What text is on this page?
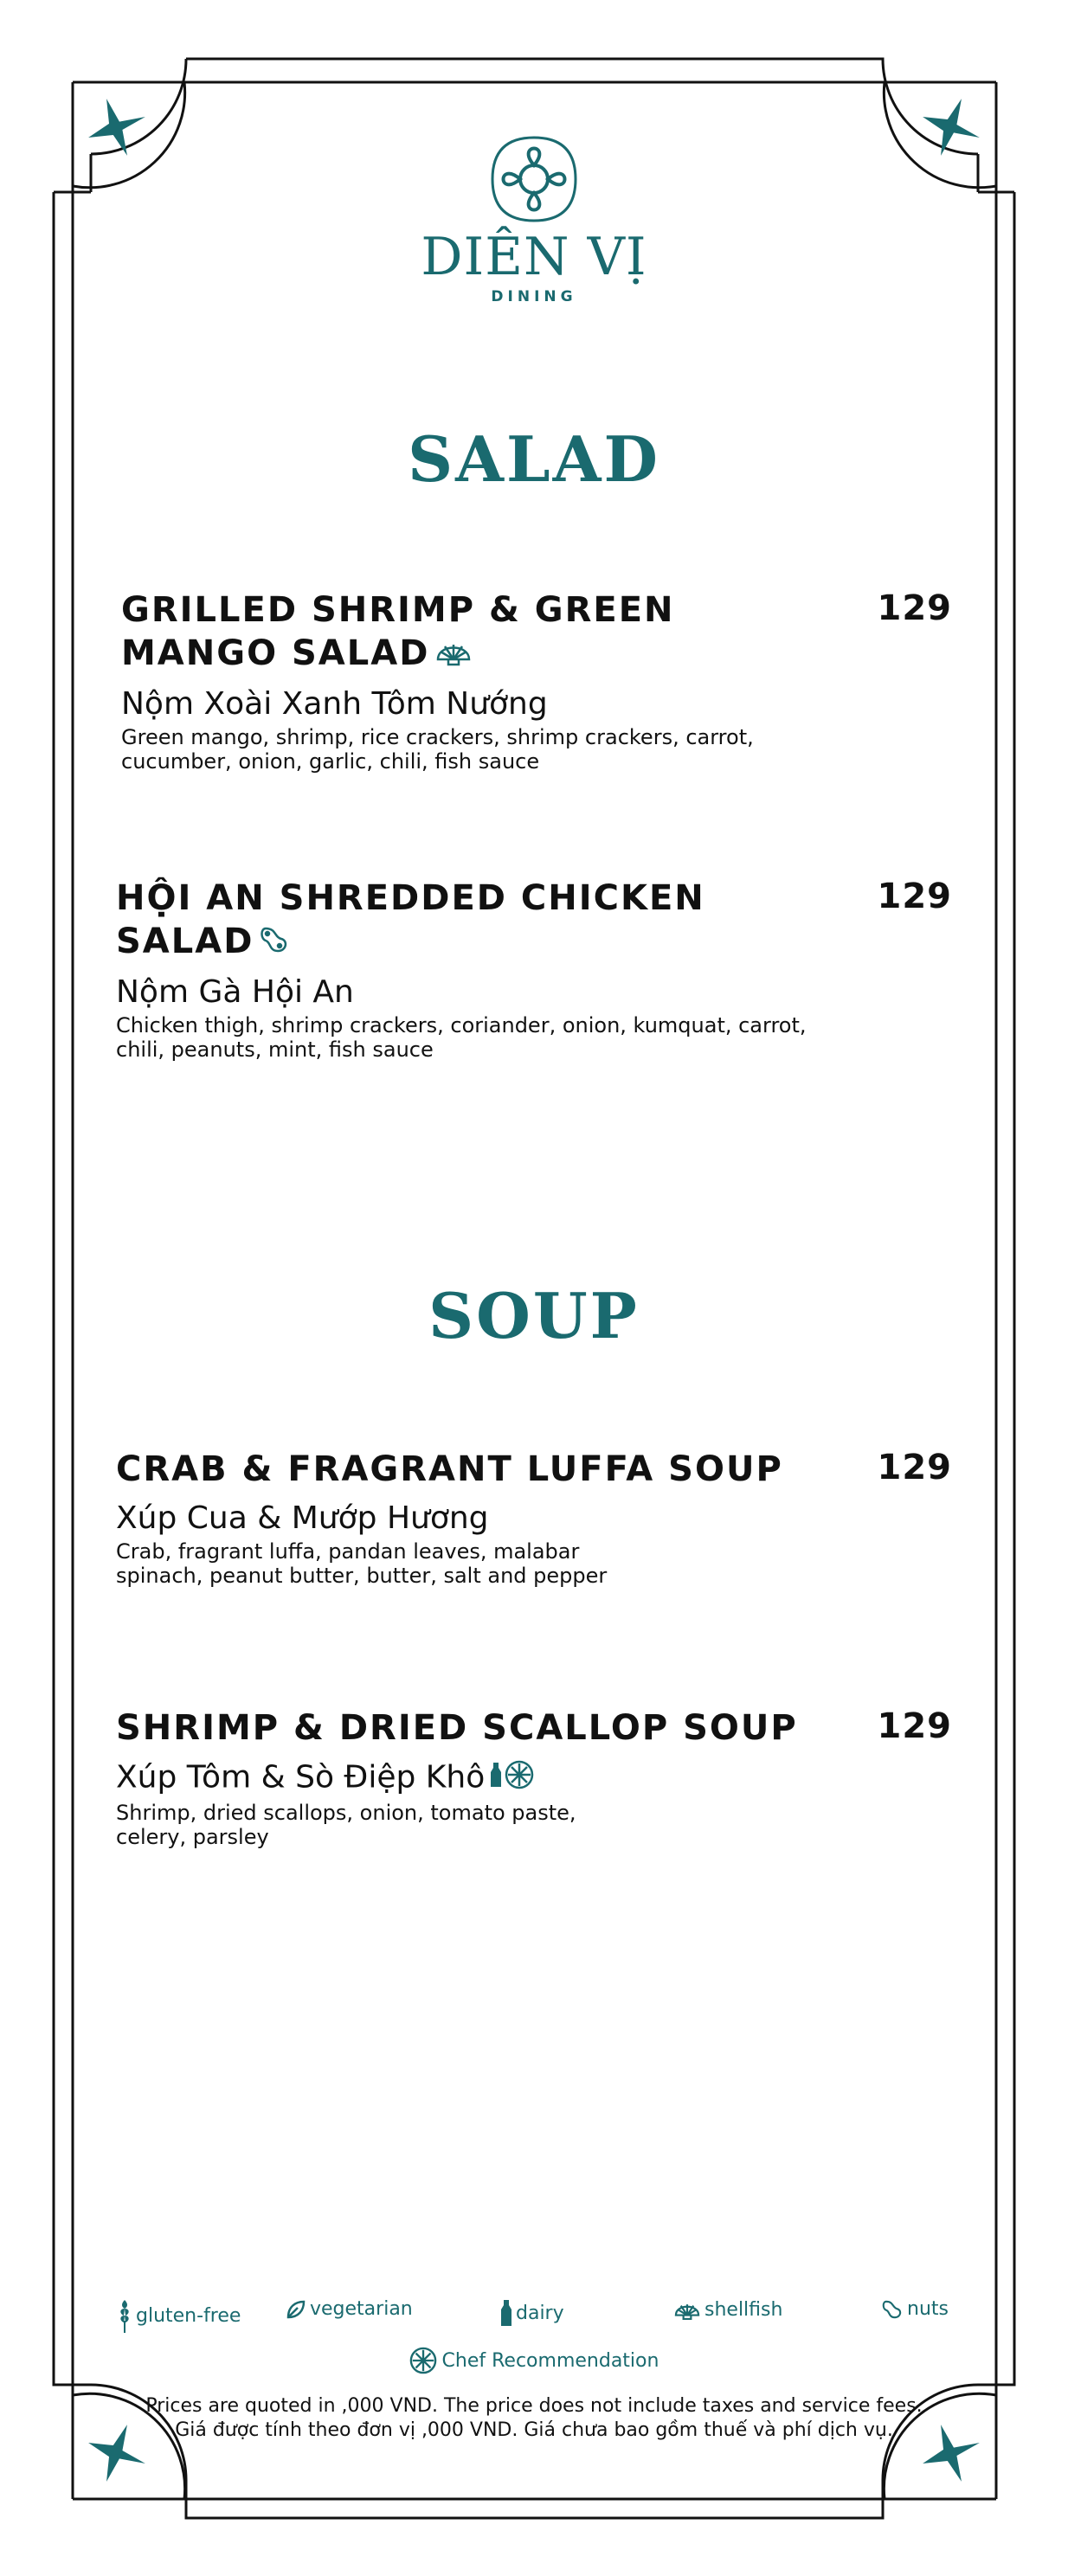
DIÊN VỊ
DINING
SALAD
GRILLED SHRIMP & GREEN MANGO SALAD
129
Nộm Xoài Xanh Tôm Nướng
Green mango, shrimp, rice crackers, shrimp crackers, carrot, cucumber, onion, garlic, chili, fish sauce
HỘI AN SHREDDED CHICKEN SALAD
129
Nộm Gà Hội An
Chicken thigh, shrimp crackers, coriander, onion, kumquat, carrot, chili, peanuts, mint, fish sauce
SOUP
CRAB & FRAGRANT LUFFA SOUP	129
Xúp Cua & Mướp Hương
Crab, fragrant luffa, pandan leaves, malabar spinach, peanut butter, butter, salt and pepper
SHRIMP & DRIED SCALLOP SOUP	129
Xúp Tôm & Sò Điệp Khô
Shrimp, dried scallops, onion, tomato paste, celery, parsley
gluten-free	vegetarian	dairy	shellfish	nuts
Chef Recommendation
Prices are quoted in ,000 VND. The price does not include taxes and service fees.
Giá được tính theo đơn vị ,000 VND. Giá chưa bao gồm thuế và phí dịch vụ.
